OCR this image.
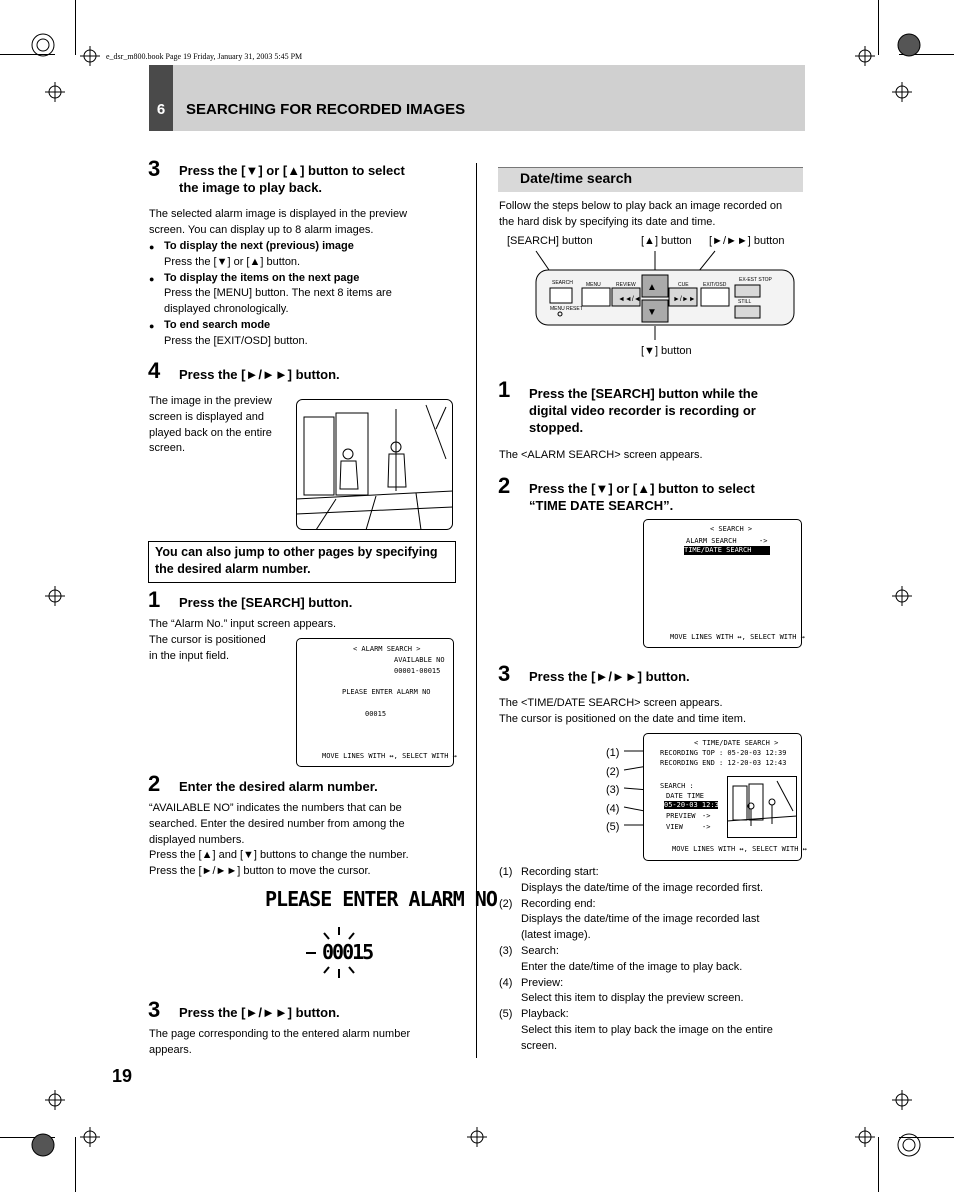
e_dsr_m800.book Page 19 Friday, January 31, 2003 5:45 PM
6	SEARCHING FOR RECORDED IMAGES
3 Press the [▼] or [▲] button to select
the image to play back.
The selected alarm image is displayed in the preview
screen. You can display up to 8 alarm images.
● To display the next (previous) image
Press the [▼] or [▲] button.
● To display the items on the next page
Press the [MENU] button. The next 8 items are
displayed chronologically.
● To end search mode
Press the [EXIT/OSD] button.
4 Press the [►/►►] button.
The image in the preview
screen is displayed and
played back on the entire
screen.
You can also jump to other pages by specifying
the desired alarm number.
1 Press the [SEARCH] button.
The “Alarm No.” input screen appears.
The cursor is positioned
in the input field.
< ALARM SEARCH >
AVAILABLE NO
00001-00015
PLEASE ENTER ALARM NO
00015
MOVE LINES WITH ↔, SELECT WITH ↔
2 Enter the desired alarm number.
“AVAILABLE NO” indicates the numbers that can be
searched. Enter the desired number from among the
displayed numbers.
Press the [▲] and [▼] buttons to change the number.
Press the [►/►►] button to move the cursor.
PLEASE ENTER ALARM NO
00015
3 Press the [►/►►] button.
The page corresponding to the entered alarm number
appears.
Date/time search
Follow the steps below to play back an image recorded on
the hard disk by specifying its date and time.
[SEARCH] button	[▲] button [►/►►] button
[▼] button
SEARCH	MENU	REVIEW	CUE	EXIT/OSD
EX-EST STOP
STILL
MENU RESET
▲
▼
◄◄/◄	►/►►
1 Press the [SEARCH] button while the
digital video recorder is recording or
stopped.
The <ALARM SEARCH> screen appears.
2 Press the [▼] or [▲] button to select
“TIME DATE SEARCH”.
< SEARCH >
ALARM SEARCH	->
TIME/DATE SEARCH	->
MOVE LINES WITH ↔, SELECT WITH ↔
3 Press the [►/►►] button.
The <TIME/DATE SEARCH> screen appears.
The cursor is positioned on the date and time item.
(1)
(2)
(3)
(4)
(5)
< TIME/DATE SEARCH >
RECORDING TOP : 05-20-03 12:39
RECORDING END : 12-20-03 12:43
SEARCH :
DATE TIME
05-20-03 12:39
PREVIEW ->
VIEW	->
MOVE LINES WITH ↔, SELECT WITH ↔
(1) Recording start:
Displays the date/time of the image recorded first.
(2) Recording end:
Displays the date/time of the image recorded last
(latest image).
(3) Search:
Enter the date/time of the image to play back.
(4) Preview:
Select this item to display the preview screen.
(5) Playback:
Select this item to play back the image on the entire
screen.
19
